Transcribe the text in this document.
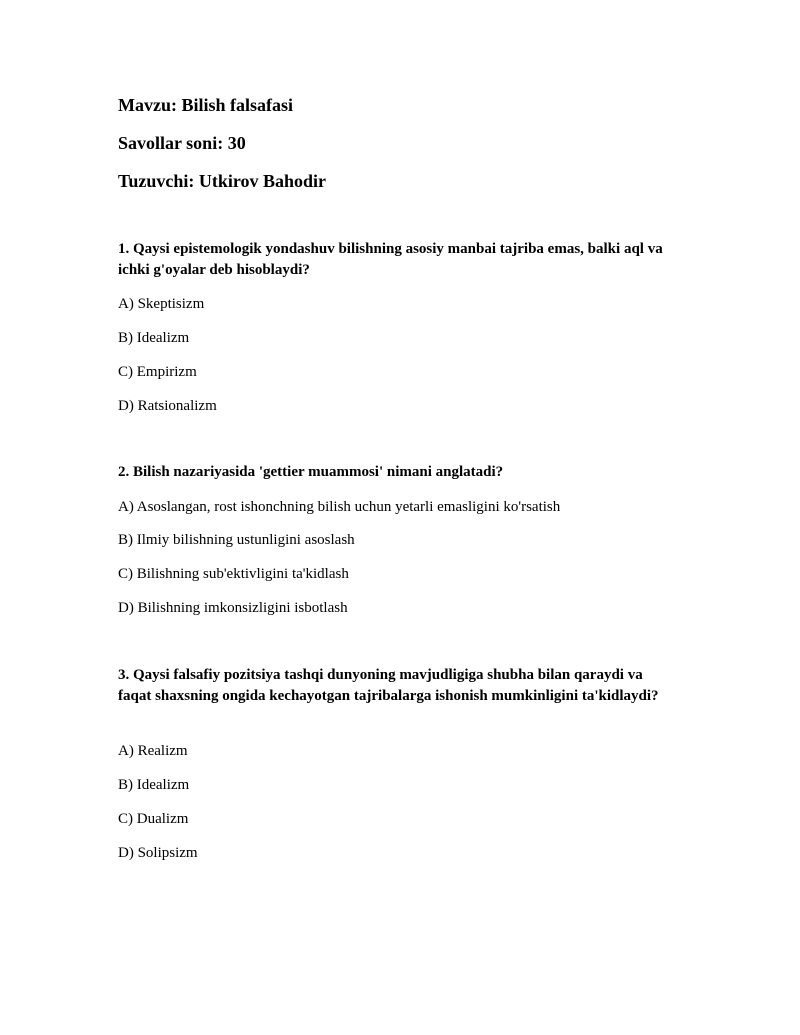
Mavzu: Bilish falsafasi
Savollar soni: 30
Tuzuvchi: Utkirov Bahodir
1. Qaysi epistemologik yondashuv bilishning asosiy manbai tajriba emas, balki aql va ichki g'oyalar deb hisoblaydi?
A) Skeptisizm
B) Idealizm
C) Empirizm
D) Ratsionalizm
2. Bilish nazariyasida 'gettier muammosi' nimani anglatadi?
A) Asoslangan, rost ishonchning bilish uchun yetarli emasligini ko'rsatish
B) Ilmiy bilishning ustunligini asoslash
C) Bilishning sub'ektivligini ta'kidlash
D) Bilishning imkonsizligini isbotlash
3. Qaysi falsafiy pozitsiya tashqi dunyoning mavjudligiga shubha bilan qaraydi va faqat shaxsning ongida kechayotgan tajribalarga ishonish mumkinligini ta'kidlaydi?
A) Realizm
B) Idealizm
C) Dualizm
D) Solipsizm
